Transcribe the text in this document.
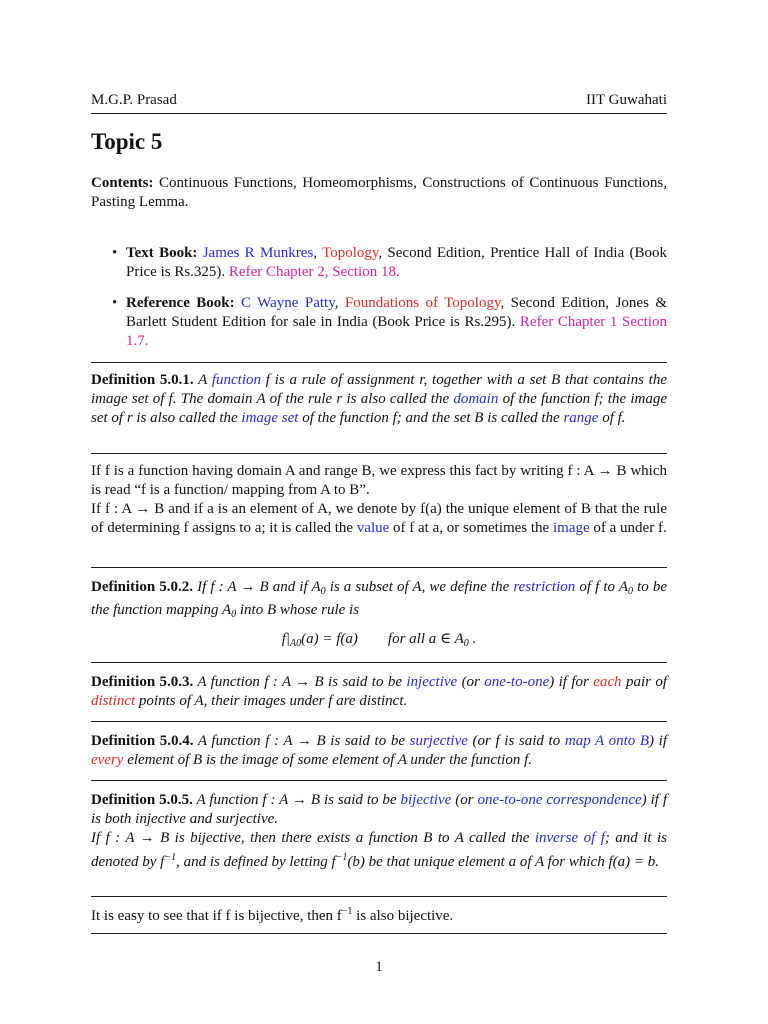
M.G.P. Prasad	IIT Guwahati
Topic 5
Contents: Continuous Functions, Homeomorphisms, Constructions of Continuous Functions, Pasting Lemma.
• Text Book: James R Munkres, Topology, Second Edition, Prentice Hall of India (Book Price is Rs.325). Refer Chapter 2, Section 18.
• Reference Book: C Wayne Patty, Foundations of Topology, Second Edition, Jones & Barlett Student Edition for sale in India (Book Price is Rs.295). Refer Chapter 1 Section 1.7.
Definition 5.0.1. A function f is a rule of assignment r, together with a set B that contains the image set of f. The domain A of the rule r is also called the domain of the function f; the image set of r is also called the image set of the function f; and the set B is called the range of f.
If f is a function having domain A and range B, we express this fact by writing f : A → B which is read “f is a function/ mapping from A to B”.
If f : A → B and if a is an element of A, we denote by f(a) the unique element of B that the rule of determining f assigns to a; it is called the value of f at a, or sometimes the image of a under f.
Definition 5.0.2. If f : A → B and if $A_0$ is a subset of A, we define the restriction of f to $A_0$ to be the function mapping $A_0$ into B whose rule is
$f|_{A0}(a) = f(a)$ for all a ∈ $A_0$ .
Definition 5.0.3. A function f : A → B is said to be injective (or one-to-one) if for each pair of distinct points of A, their images under f are distinct.
Definition 5.0.4. A function f : A → B is said to be surjective (or f is said to map A onto B) if every element of B is the image of some element of A under the function f.
Definition 5.0.5. A function f : A → B is said to be bijective (or one-to-one correspondence) if f is both injective and surjective.
If f : A → B is bijective, then there exists a function B to A called the inverse of f; and it is denoted by $f^{-1}$, and is defined by letting $f^{-1}(b)$ be that unique element a of A for which f(a) = b.
It is easy to see that if f is bijective, then $f^{-1}$ is also bijective.
1
